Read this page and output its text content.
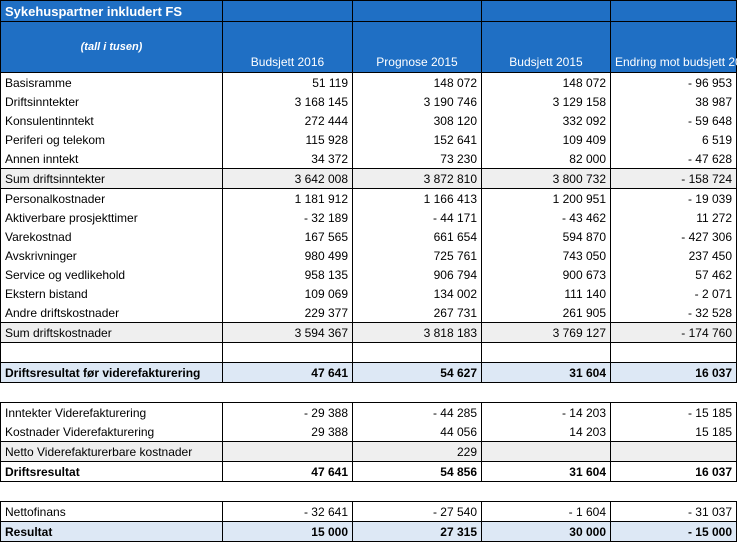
Sykehuspartner inkludert FS				
(tall i tusen)	Budsjett 2016	Prognose 2015	Budsjett 2015	Endring mot budsjett 2015
Basisramme	51 119	148 072	148 072	- 96 953
Driftsinntekter	3 168 145	3 190 746	3 129 158	38 987
Konsulentinntekt	272 444	308 120	332 092	- 59 648
Periferi og telekom	115 928	152 641	109 409	6 519
Annen inntekt	34 372	73 230	82 000	- 47 628
Sum driftsinntekter	3 642 008	3 872 810	3 800 732	- 158 724
Personalkostnader	1 181 912	1 166 413	1 200 951	- 19 039
Aktiverbare prosjekttimer	- 32 189	- 44 171	- 43 462	11 272
Varekostnad	167 565	661 654	594 870	- 427 306
Avskrivninger	980 499	725 761	743 050	237 450
Service og vedlikehold	958 135	906 794	900 673	57 462
Ekstern bistand	109 069	134 002	111 140	- 2 071
Andre driftskostnader	229 377	267 731	261 905	- 32 528
Sum driftskostnader	3 594 367	3 818 183	3 769 127	- 174 760

Driftsresultat før viderefakturering	47 641	54 627	31 604	16 037

Inntekter Viderefakturering	- 29 388	- 44 285	- 14 203	- 15 185
Kostnader Viderefakturering	29 388	44 056	14 203	15 185
Netto Viderefakturerbare kostnader		229		
Driftsresultat	47 641	54 856	31 604	16 037

Nettofinans	- 32 641	- 27 540	- 1 604	- 31 037
Resultat	15 000	27 315	30 000	- 15 000
